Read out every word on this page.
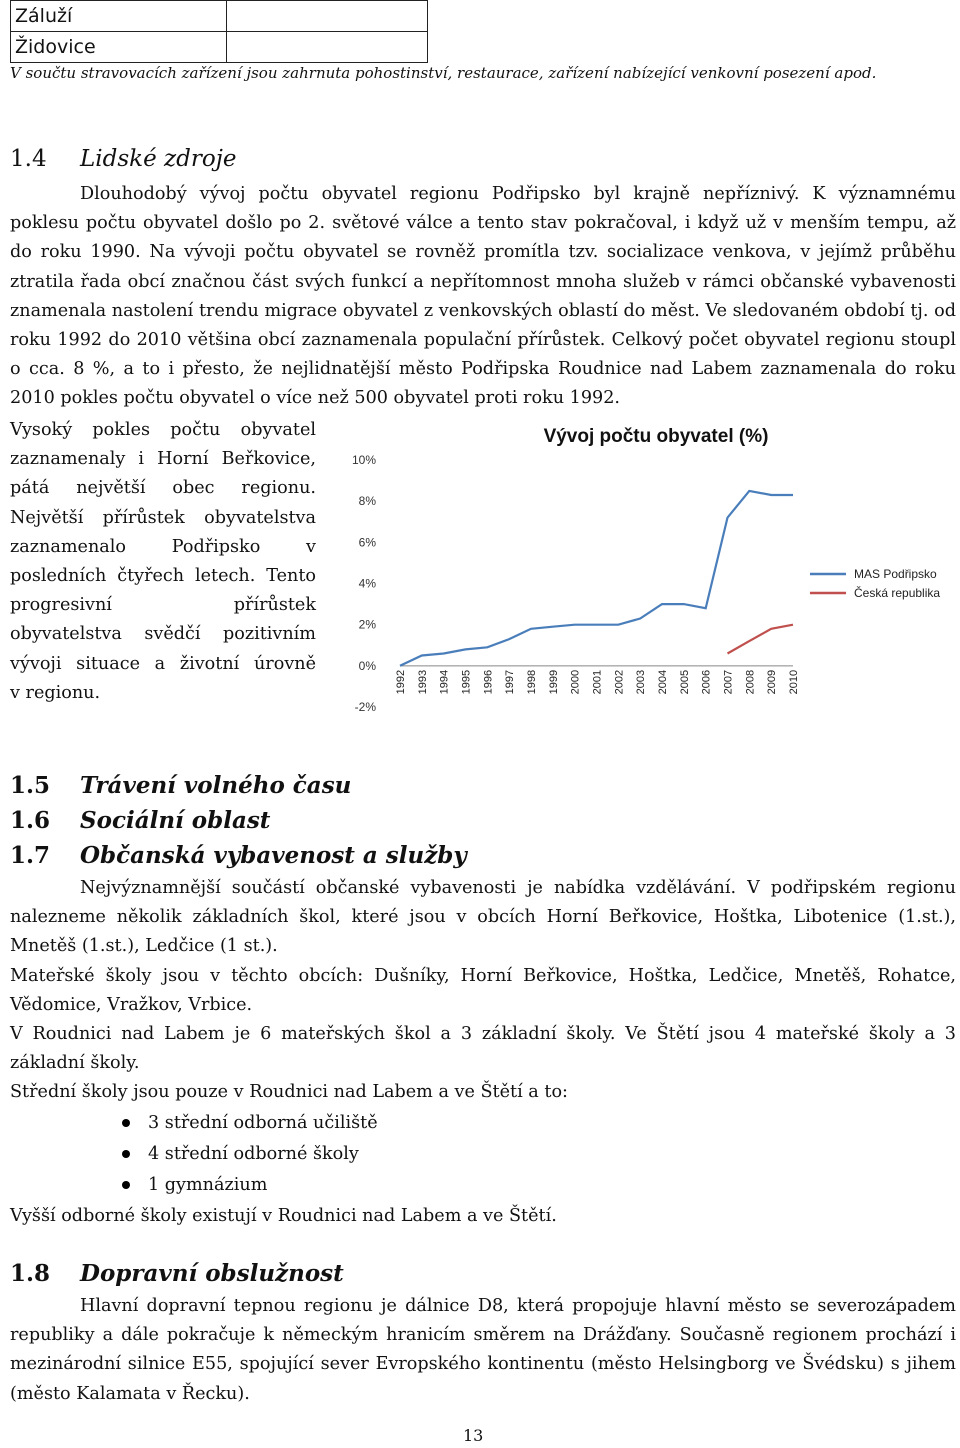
Záluží	
Židovice	
V součtu stravovacích zařízení jsou zahrnuta pohostinství, restaurace, zařízení nabízející venkovní posezení apod.
1.4 Lidské zdroje

Dlouhodobý vývoj počtu obyvatel regionu Podřipsko byl krajně nepříznivý. K významnému poklesu počtu obyvatel došlo po 2. světové válce a tento stav pokračoval, i když už v menším tempu, až do roku 1990. Na vývoji počtu obyvatel se rovněž promítla tzv. socializace venkova, v jejímž průběhu ztratila řada obcí značnou část svých funkcí a nepřítomnost mnoha služeb v rámci občanské vybavenosti znamenala nastolení trendu migrace obyvatel z venkovských oblastí do měst. Ve sledovaném období tj. od roku 1992 do 2010 většina obcí zaznamenala populační přírůstek. Celkový počet obyvatel regionu stoupl o cca. 8 %, a to i přesto, že nejlidnatější město Podřipska Roudnice nad Labem zaznamenala do roku 2010 pokles počtu obyvatel o více než 500 obyvatel proti roku 1992.

Vysoký pokles počtu obyvatel zaznamenaly i Horní Beřkovice, pátá největší obec regionu. Největší přírůstek obyvatelstva zaznamenalo Podřipsko v posledních čtyřech letech. Tento progresivní přírůstek obyvatelstva svědčí pozitivním vývoji situace a životní úrovně
v regionu.
Vývoj počtu obyvatel (%)
-2%
0%
2%
4%
6%
8%
10%
1992 1993 1994 1995 1996 1997 1998 1999 2000 2001 2002 2003 2004 2005 2006 2007 2008 2009 2010
MAS Podřipsko
Česká republika
1.5 Trávení volného času
1.6 Sociální oblast
1.7 Občanská vybavenost a služby

Nejvýznamnější součástí občanské vybavenosti je nabídka vzdělávání. V podřipském regionu nalezneme několik základních škol, které jsou v obcích Horní Beřkovice, Hoštka, Libotenice (1.st.), Mnetěš (1.st.), Ledčice (1 st.).

Mateřské školy jsou v těchto obcích: Dušníky, Horní Beřkovice, Hoštka, Ledčice, Mnetěš, Rohatce, Vědomice, Vražkov, Vrbice.

V Roudnici nad Labem je 6 mateřských škol a 3 základní školy. Ve Štětí jsou 4 mateřské školy a 3 základní školy.

Střední školy jsou pouze v Roudnici nad Labem a ve Štětí a to:

3 střední odborná učiliště
4 střední odborné školy
1 gymnázium

Vyšší odborné školy existují v Roudnici nad Labem a ve Štětí.

1.8 Dopravní obslužnost

Hlavní dopravní tepnou regionu je dálnice D8, která propojuje hlavní město se severozápadem republiky a dále pokračuje k německým hranicím směrem na Drážďany. Současně regionem prochází i mezinárodní silnice E55, spojující sever Evropského kontinentu (město Helsingborg ve Švédsku) s jihem (město Kalamata v Řecku).

13
